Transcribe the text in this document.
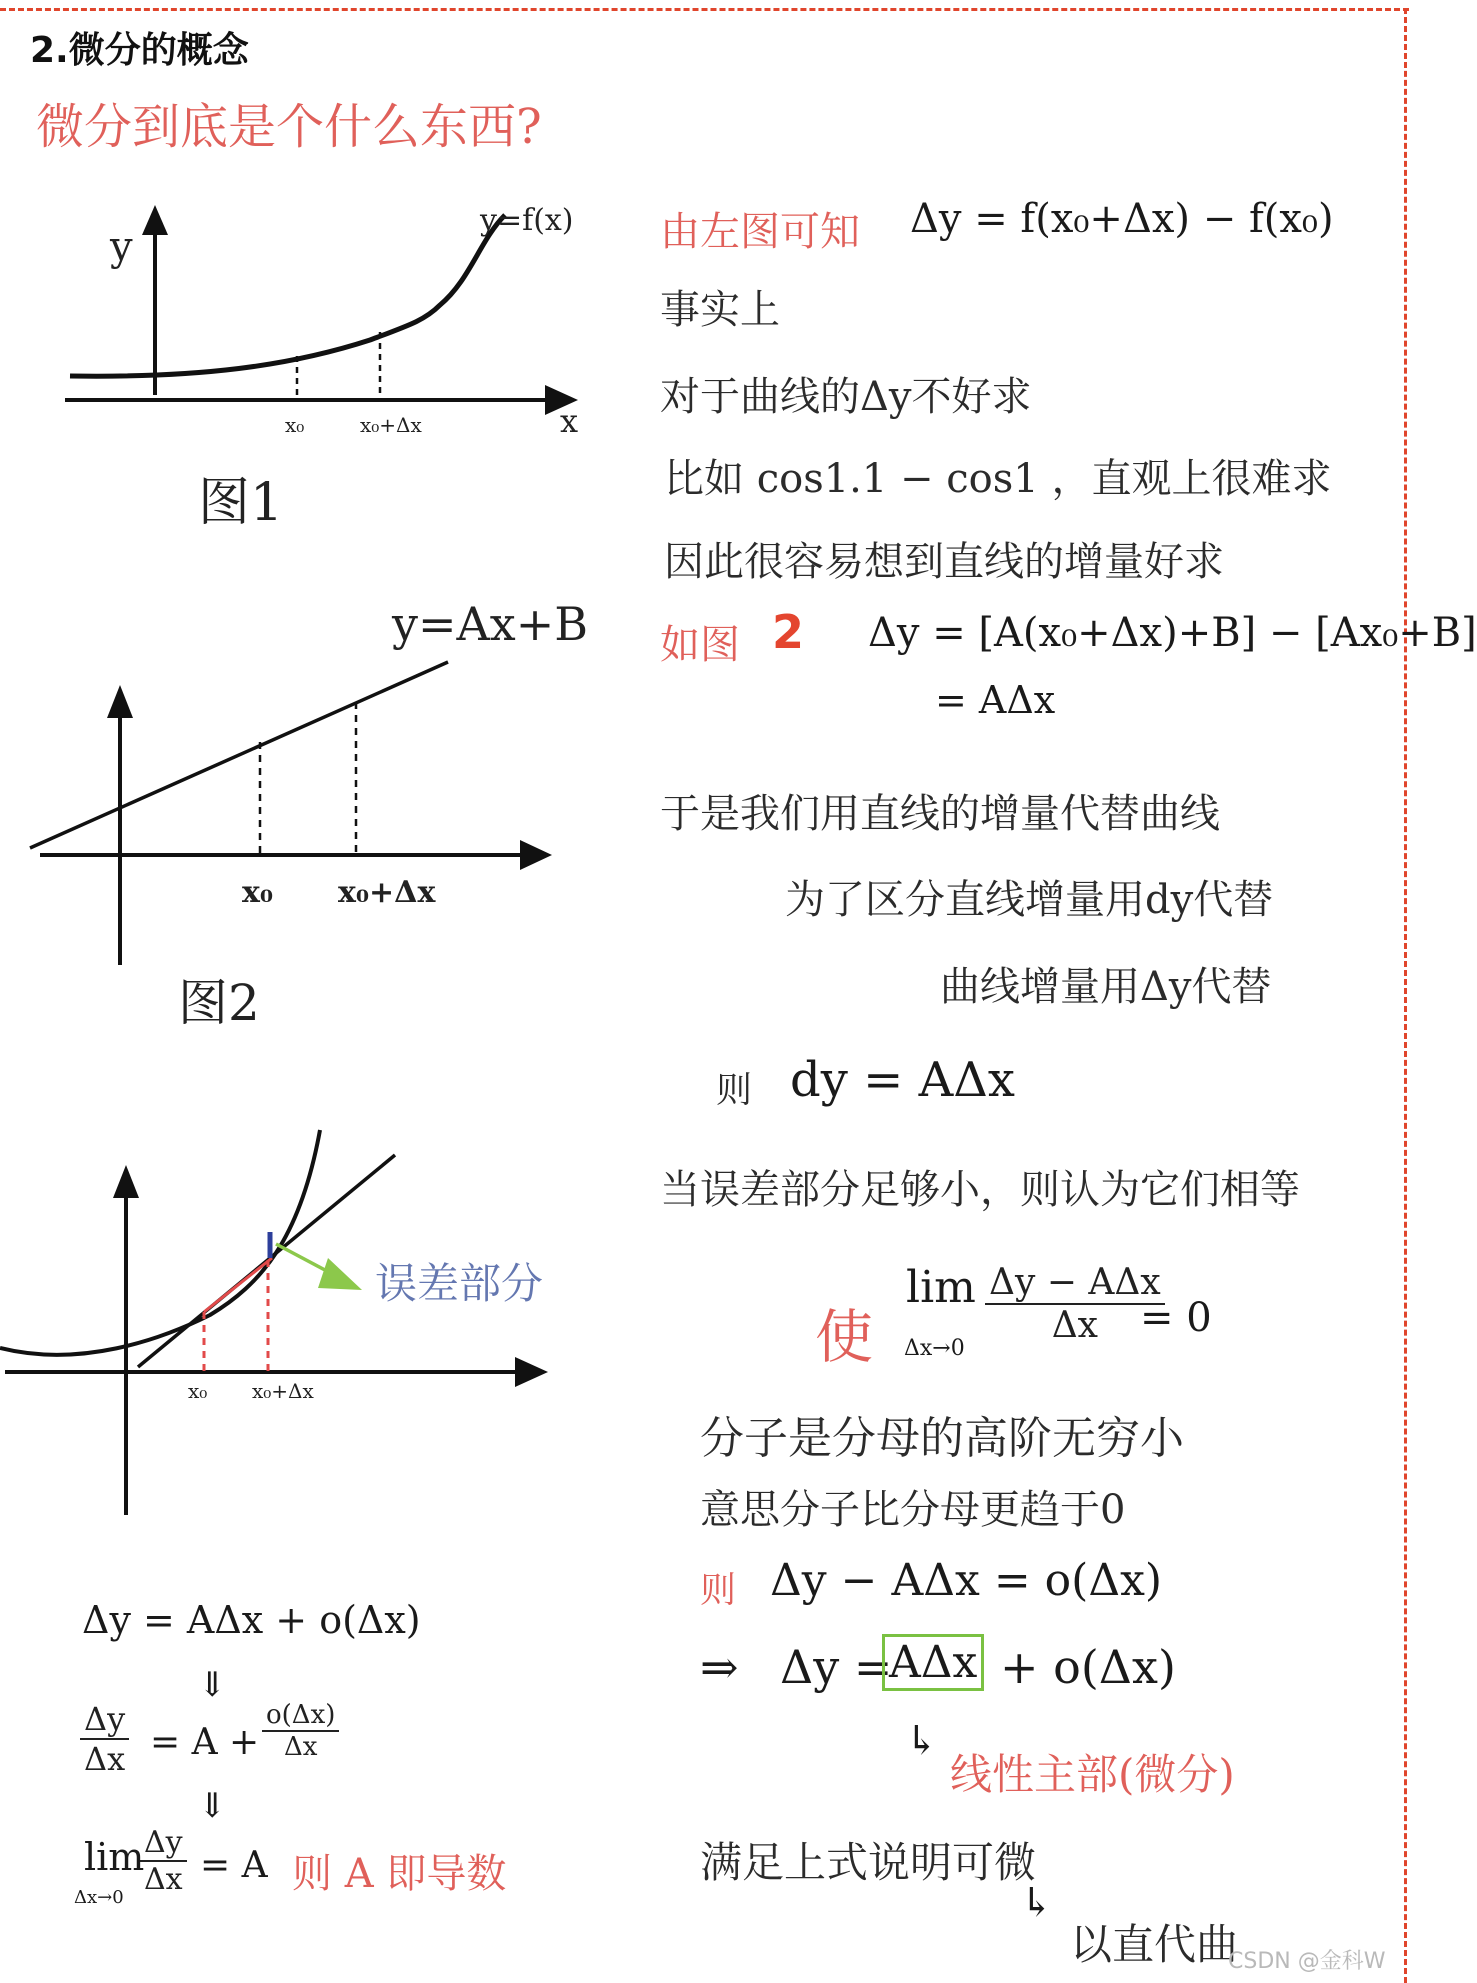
2.微分的概念
微分到底是个什么东西?
y
x
x₀	x₀+Δx
y=f(x)
图1
x₀ x₀+Δx
y=Ax+B
图2
x₀ x₀+Δx
误差部分
Δy = AΔx + o(Δx)
⇓
$\frac{\Delta y}{\Delta x} = A + \frac{o(\Delta x)}{\Delta x}$
⇓
lim
Δx→0
$\frac{\Delta y}{\Delta x} = A$ 则 A 即导数
由左图可知 Δy = f(x₀+Δx) − f(x₀)
事实上
对于曲线的Δy不好求
比如 cos1.1 − cos1 ，直观上很难求
因此很容易想到直线的增量好求
如图 2 Δy = [A(x₀+Δx)+B] − [Ax₀+B]
= AΔx
于是我们用直线的增量代替曲线
为了区分直线增量用dy代替
曲线增量用Δy代替
则 dy = AΔx
当误差部分足够小，则认为它们相等
使
lim
Δx→0
Δy − AΔx
Δx	= 0
分子是分母的高阶无穷小
意思分子比分母更趋于0
则 Δy − AΔx = o(Δx)
⇒ Δy =
AΔx + o(Δx)
↳
线性主部(微分)
满足上式说明可微
↳
以直代曲
CSDN @金科W
